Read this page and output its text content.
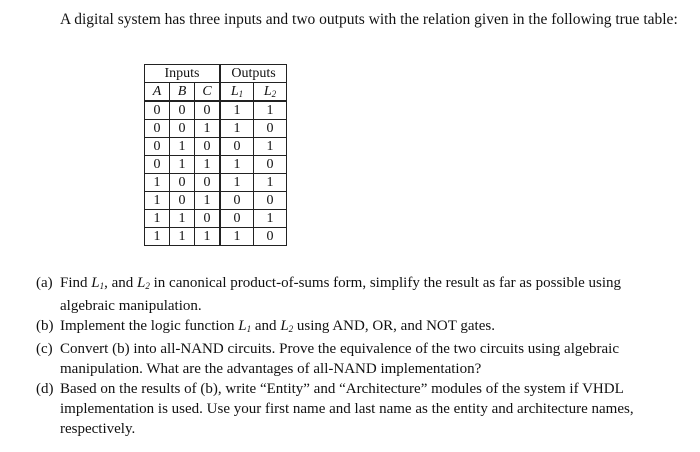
A digital system has three inputs and two outputs with the relation given in the following true table:
Inputs			Outputs	
A	B	C	$L_1$	$L_2$
0	0	0	1	1
0	0	1	1	0
0	1	0	0	1
0	1	1	1	0
1	0	0	1	1
1	0	1	0	0
1	1	0	0	1
1	1	1	1	0
(a) Find $L_1$, and $L_2$ in canonical product-of-sums form, simplify the result as far as possible using algebraic manipulation.
(b) Implement the logic function $L_1$ and $L_2$ using AND, OR, and NOT gates.
(c) Convert (b) into all-NAND circuits. Prove the equivalence of the two circuits using algebraic manipulation. What are the advantages of all-NAND implementation?
(d) Based on the results of (b), write “Entity” and “Architecture” modules of the system if VHDL implementation is used. Use your first name and last name as the entity and architecture names, respectively.
